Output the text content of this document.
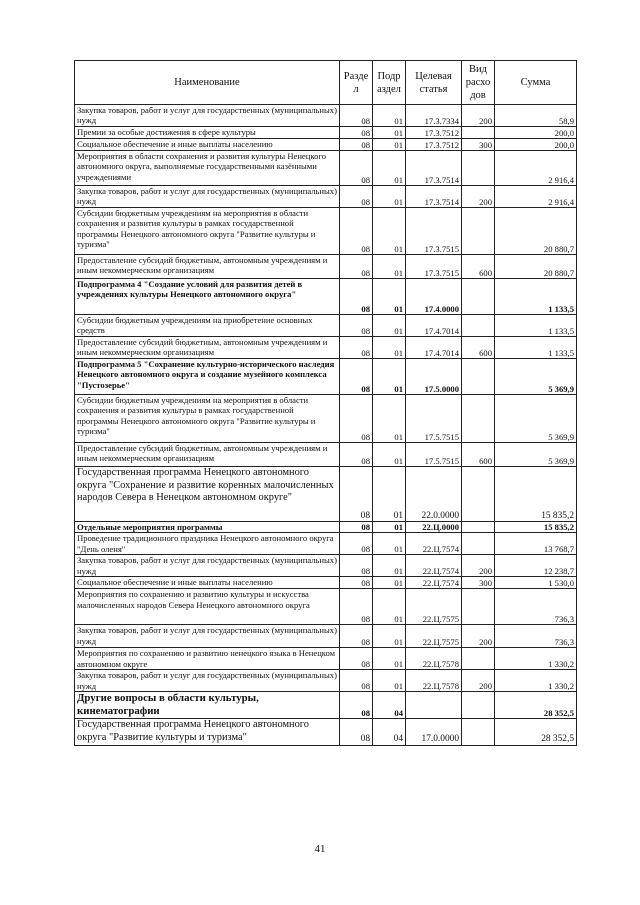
Наименование	Разде л	Подр аздел	Целевая статья	Вид расхо дов	Сумма
Закупка товаров, работ и услуг для государственных (муниципальных) нужд	08	01	17.3.7334	200	58,9
Премии за особые достижения в сфере культуры	08	01	17.3.7512		200,0
Социальное обеспечение и иные выплаты населению	08	01	17.3.7512	300	200,0
Мероприятия в области сохранения и развития культуры Ненецкого автономного округа, выполняемые государственными казёнными учреждениями	08	01	17.3.7514		2 916,4
Закупка товаров, работ и услуг для государственных (муниципальных) нужд	08	01	17.3.7514	200	2 916,4
Субсидии бюджетным учреждениям на мероприятия в области сохранения и развития культуры в рамках государственной программы Ненецкого автономного округа "Развитие культуры и туризма"	08	01	17.3.7515		20 880,7
Предоставление субсидий бюджетным, автономным учреждениям и иным некоммерческим организациям	08	01	17.3.7515	600	20 880,7
Подпрограмма 4 "Создание условий для развития детей в учреждениях культуры Ненецкого автономного округа"	08	01	17.4.0000		1 133,5
Субсидии бюджетным учреждениям на приобретение основных средств	08	01	17.4.7014		1 133,5
Предоставление субсидий бюджетным, автономным учреждениям и иным некоммерческим организациям	08	01	17.4.7014	600	1 133,5
Подпрограмма 5 "Сохранение культурно-исторического наследия Ненецкого автономного округа и создание музейного комплекса "Пустозерье"	08	01	17.5.0000		5 369,9
Субсидии бюджетным учреждениям на мероприятия в области сохранения и развития культуры в рамках государственной программы Ненецкого автономного округа "Развитие культуры и туризма"	08	01	17.5.7515		5 369,9
Предоставление субсидий бюджетным, автономным учреждениям и иным некоммерческим организациям	08	01	17.5.7515	600	5 369,9
Государственная программа Ненецкого автономного округа "Сохранение и развитие коренных малочисленных народов Севера в Ненецком автономном округе"	08	01	22.0.0000		15 835,2
Отдельные мероприятия программы	08	01	22.Ц.0000		15 835,2
Проведение традиционного праздника Ненецкого автономного округа "День оленя"	08	01	22.Ц.7574		13 768,7
Закупка товаров, работ и услуг для государственных (муниципальных) нужд	08	01	22.Ц.7574	200	12 238,7
Социальное обеспечение и иные выплаты населению	08	01	22.Ц.7574	300	1 530,0
Мероприятия по сохранению и развитию культуры и искусства малочисленных народов Севера Ненецкого автономного округа	08	01	22.Ц.7575		736,3
Закупка товаров, работ и услуг для государственных (муниципальных) нужд	08	01	22.Ц.7575	200	736,3
Мероприятия по сохранению и развитию ненецкого языка в Ненецком автономном округе	08	01	22.Ц.7578		1 330,2
Закупка товаров, работ и услуг для государственных (муниципальных) нужд	08	01	22.Ц.7578	200	1 330,2
Другие вопросы в области культуры, кинематографии	08	04			28 352,5
Государственная программа Ненецкого автономного округа "Развитие культуры и туризма"	08	04	17.0.0000		28 352,5
41
